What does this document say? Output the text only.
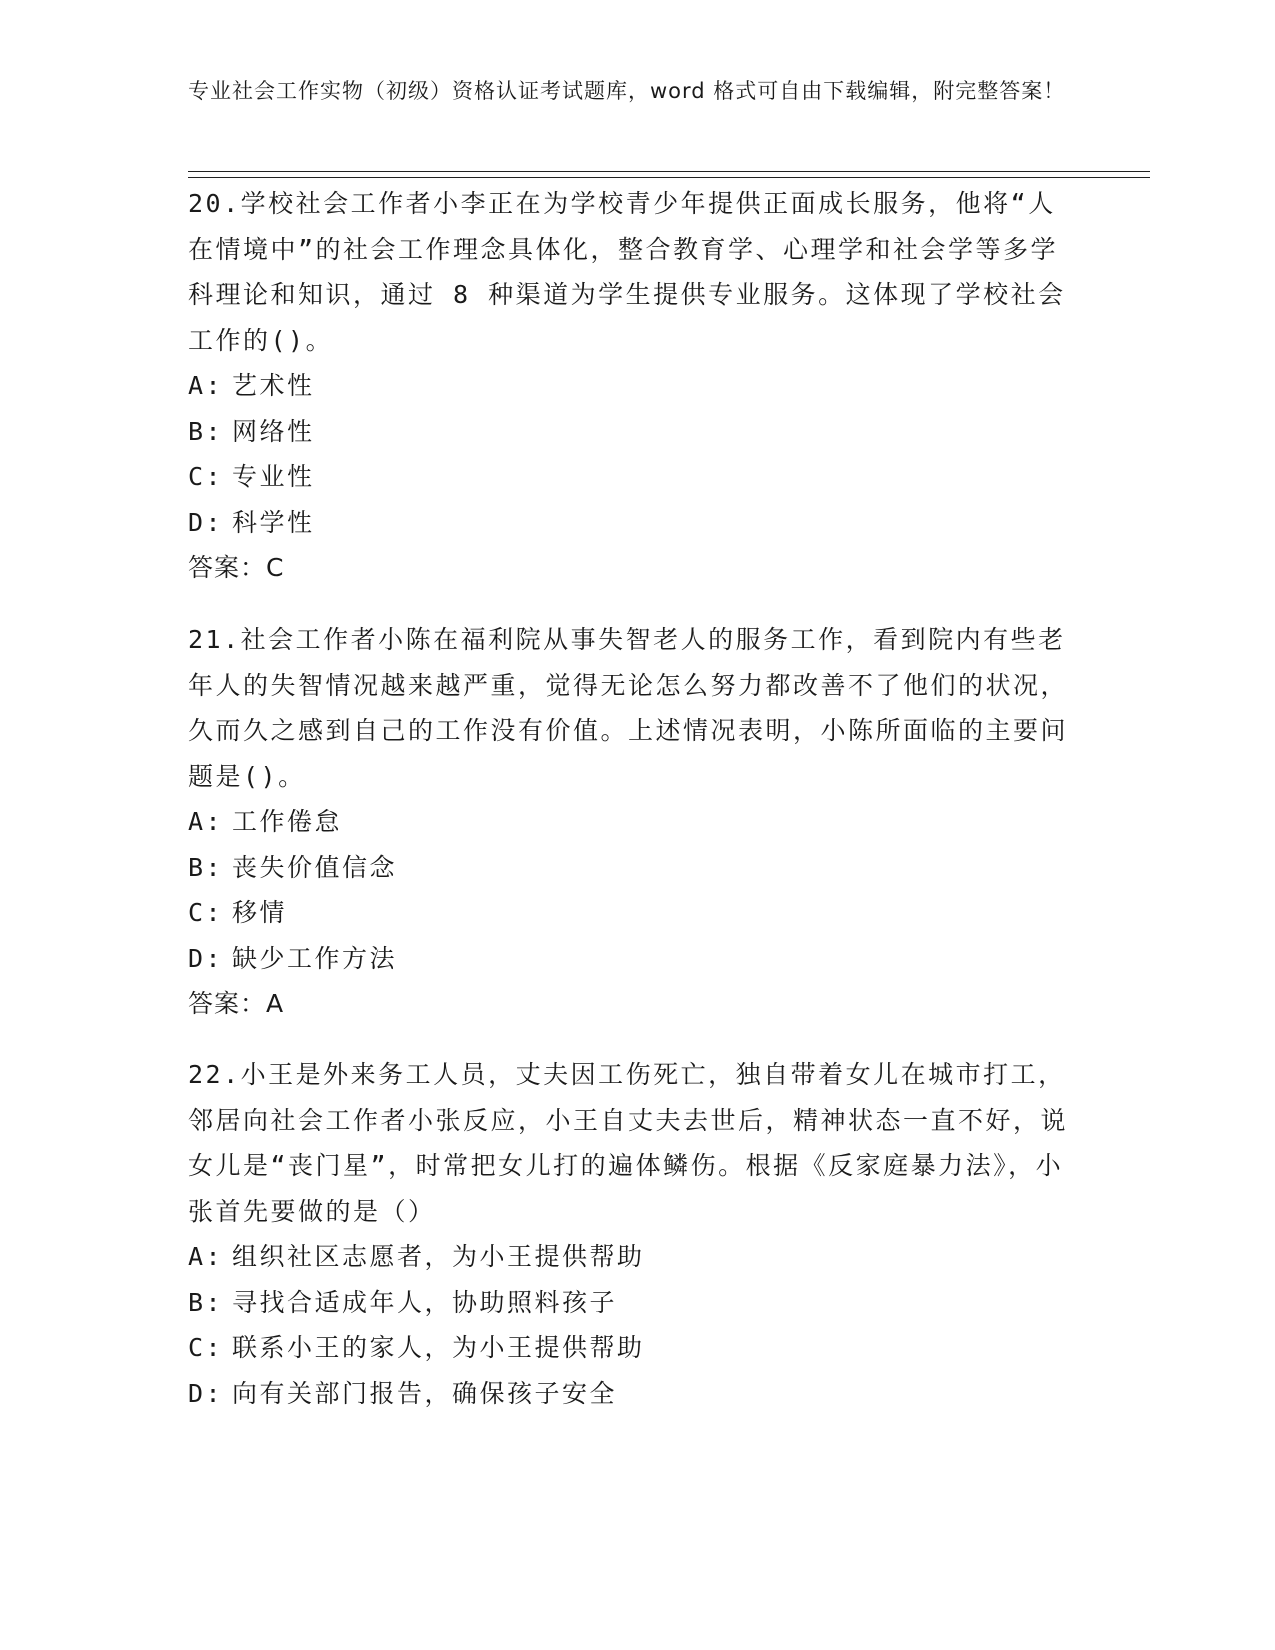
专业社会工作实物（初级）资格认证考试题库，word 格式可自由下载编辑，附完整答案！
20.学校社会工作者小李正在为学校青少年提供正面成长服务，他将“人在情境中”的社会工作理念具体化，整合教育学、心理学和社会学等多学科理论和知识，通过 8 种渠道为学生提供专业服务。这体现了学校社会工作的()。
A: 艺术性
B: 网络性
C: 专业性
D: 科学性
答案：C
21.社会工作者小陈在福利院从事失智老人的服务工作，看到院内有些老年人的失智情况越来越严重，觉得无论怎么努力都改善不了他们的状况，久而久之感到自己的工作没有价值。上述情况表明，小陈所面临的主要问题是()。
A: 工作倦怠
B: 丧失价值信念
C: 移情
D: 缺少工作方法
答案：A
22.小王是外来务工人员，丈夫因工伤死亡，独自带着女儿在城市打工，邻居向社会工作者小张反应，小王自丈夫去世后，精神状态一直不好，说女儿是“丧门星”，时常把女儿打的遍体鳞伤。根据《反家庭暴力法》，小张首先要做的是（）
A: 组织社区志愿者，为小王提供帮助
B: 寻找合适成年人，协助照料孩子
C: 联系小王的家人，为小王提供帮助
D: 向有关部门报告，确保孩子安全
